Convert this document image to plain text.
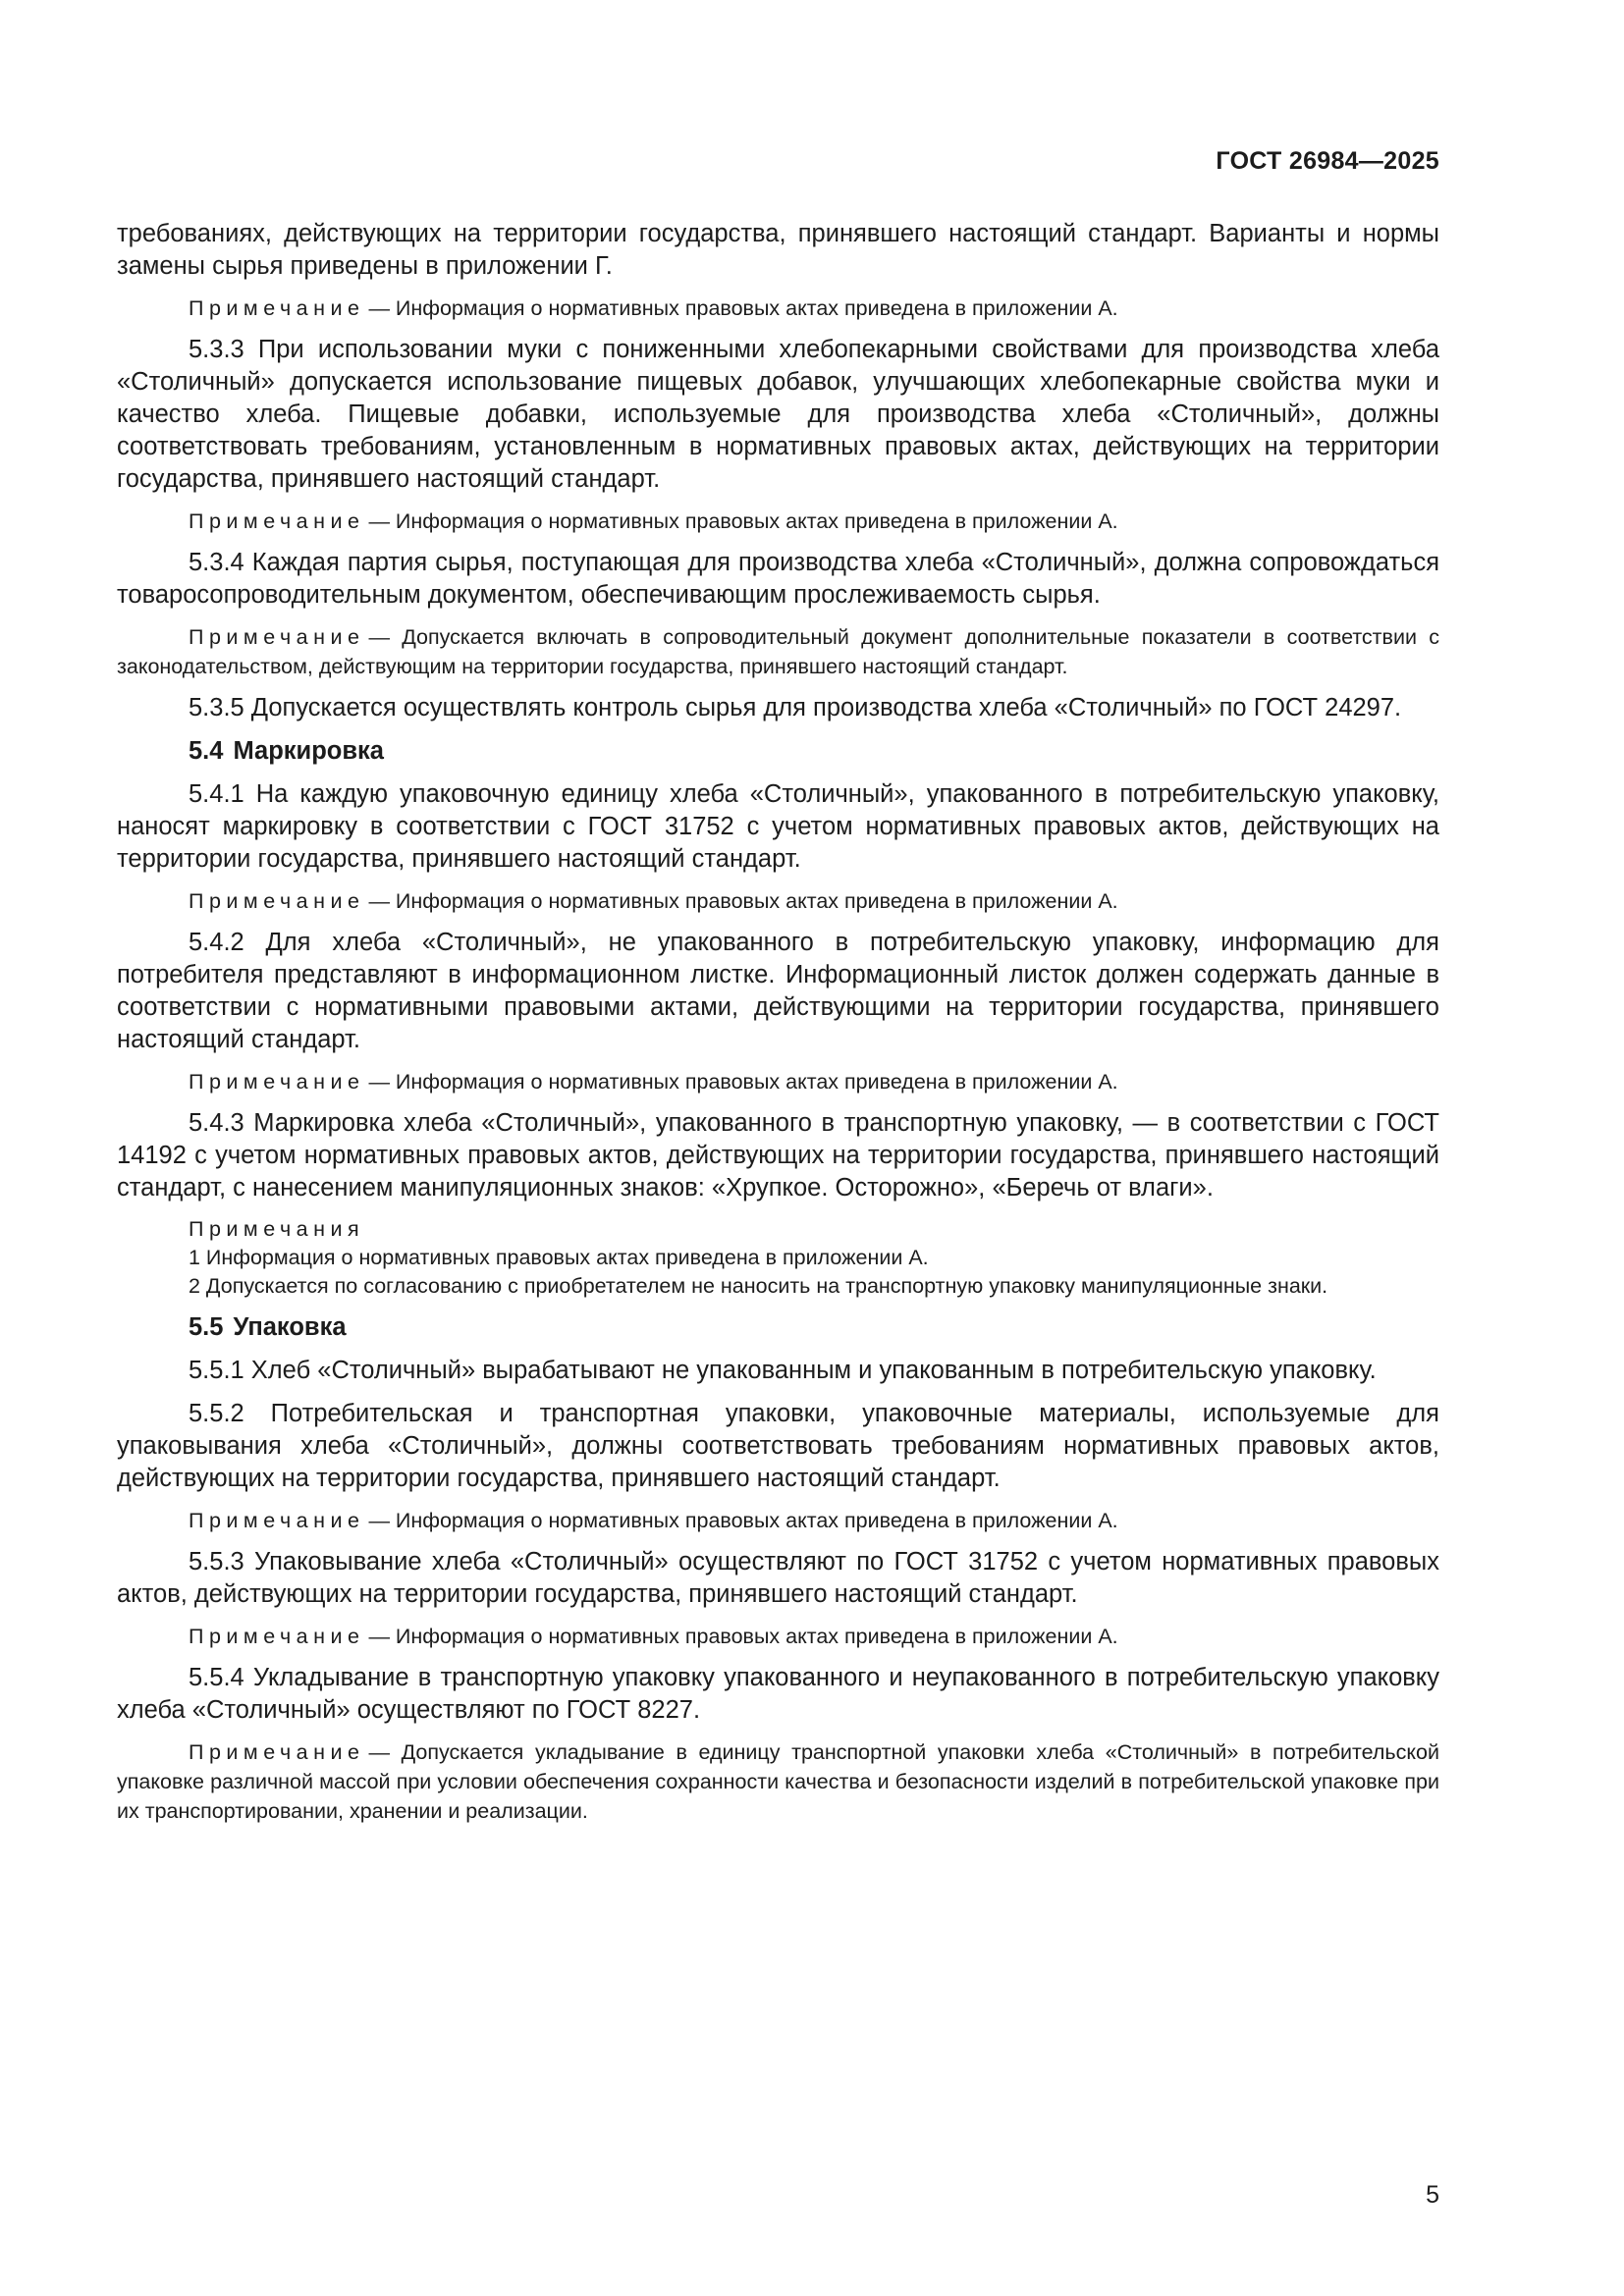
ГОСТ 26984—2025

требованиях, действующих на территории государства, принявшего настоящий стандарт. Варианты и нормы замены сырья приведены в приложении Г.

Примечание — Информация о нормативных правовых актах приведена в приложении А.

5.3.3 При использовании муки с пониженными хлебопекарными свойствами для производства хлеба «Столичный» допускается использование пищевых добавок, улучшающих хлебопекарные свойства муки и качество хлеба. Пищевые добавки, используемые для производства хлеба «Столичный», должны соответствовать требованиям, установленным в нормативных правовых актах, действующих на территории государства, принявшего настоящий стандарт.

Примечание — Информация о нормативных правовых актах приведена в приложении А.

5.3.4 Каждая партия сырья, поступающая для производства хлеба «Столичный», должна сопровождаться товаросопроводительным документом, обеспечивающим прослеживаемость сырья.

Примечание — Допускается включать в сопроводительный документ дополнительные показатели в соответствии с законодательством, действующим на территории государства, принявшего настоящий стандарт.

5.3.5 Допускается осуществлять контроль сырья для производства хлеба «Столичный» по ГОСТ 24297.

5.4 Маркировка

5.4.1 На каждую упаковочную единицу хлеба «Столичный», упакованного в потребительскую упаковку, наносят маркировку в соответствии с ГОСТ 31752 с учетом нормативных правовых актов, действующих на территории государства, принявшего настоящий стандарт.

Примечание — Информация о нормативных правовых актах приведена в приложении А.

5.4.2 Для хлеба «Столичный», не упакованного в потребительскую упаковку, информацию для потребителя представляют в информационном листке. Информационный листок должен содержать данные в соответствии с нормативными правовыми актами, действующими на территории государства, принявшего настоящий стандарт.

Примечание — Информация о нормативных правовых актах приведена в приложении А.

5.4.3 Маркировка хлеба «Столичный», упакованного в транспортную упаковку, — в соответствии с ГОСТ 14192 с учетом нормативных правовых актов, действующих на территории государства, принявшего настоящий стандарт, с нанесением манипуляционных знаков: «Хрупкое. Осторожно», «Беречь от влаги».

Примечания
1 Информация о нормативных правовых актах приведена в приложении А.
2 Допускается по согласованию с приобретателем не наносить на транспортную упаковку манипуляционные знаки.
5.5 Упаковка

5.5.1 Хлеб «Столичный» вырабатывают не упакованным и упакованным в потребительскую упаковку.

5.5.2 Потребительская и транспортная упаковки, упаковочные материалы, используемые для упаковывания хлеба «Столичный», должны соответствовать требованиям нормативных правовых актов, действующих на территории государства, принявшего настоящий стандарт.

Примечание — Информация о нормативных правовых актах приведена в приложении А.

5.5.3 Упаковывание хлеба «Столичный» осуществляют по ГОСТ 31752 с учетом нормативных правовых актов, действующих на территории государства, принявшего настоящий стандарт.

Примечание — Информация о нормативных правовых актах приведена в приложении А.

5.5.4 Укладывание в транспортную упаковку упакованного и неупакованного в потребительскую упаковку хлеба «Столичный» осуществляют по ГОСТ 8227.

Примечание — Допускается укладывание в единицу транспортной упаковки хлеба «Столичный» в потребительской упаковке различной массой при условии обеспечения сохранности качества и безопасности изделий в потребительской упаковке при их транспортировании, хранении и реализации.
5
